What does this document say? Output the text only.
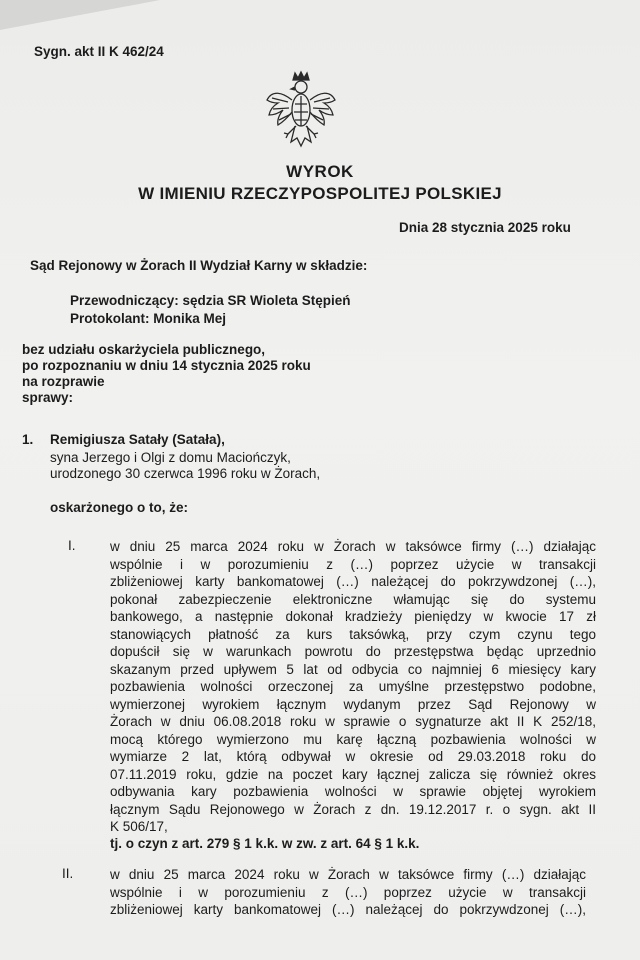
Sygn. akt II K 462/24
WYROK
W IMIENIU RZECZYPOSPOLITEJ POLSKIEJ
Dnia 28 stycznia 2025 roku
Sąd Rejonowy w Żorach II Wydział Karny w składzie:
Przewodniczący: sędzia SR Wioleta Stępień
Protokolant: Monika Mej
bez udziału oskarżyciela publicznego,
po rozpoznaniu w dniu 14 stycznia 2025 roku
na rozprawie
sprawy:
1. Remigiusza Satały (Satała),
syna Jerzego i Olgi z domu Maciończyk,
urodzonego 30 czerwca 1996 roku w Żorach,
oskarżonego o to, że:
I.	w dniu 25 marca 2024 roku w Żorach w taksówce firmy (…) działając
wspólnie i w porozumieniu z (…) poprzez użycie w transakcji
zbliżeniowej karty bankomatowej (…) należącej do pokrzywdzonej (…),
pokonał zabezpieczenie elektroniczne włamując się do systemu
bankowego, a następnie dokonał kradzieży pieniędzy w kwocie 17 zł
stanowiących płatność za kurs taksówką, przy czym czynu tego
dopuścił się w warunkach powrotu do przestępstwa będąc uprzednio
skazanym przed upływem 5 lat od odbycia co najmniej 6 miesięcy kary
pozbawienia wolności orzeczonej za umyślne przestępstwo podobne,
wymierzonej wyrokiem łącznym wydanym przez Sąd Rejonowy w
Żorach w dniu 06.08.2018 roku w sprawie o sygnaturze akt II K 252/18,
mocą którego wymierzono mu karę łączną pozbawienia wolności w
wymiarze 2 lat, którą odbywał w okresie od 29.03.2018 roku do
07.11.2019 roku, gdzie na poczet kary łącznej zalicza się również okres
odbywania kary pozbawienia wolności w sprawie objętej wyrokiem
łącznym Sądu Rejonowego w Żorach z dn. 19.12.2017 r. o sygn. akt II
K 506/17,
tj. o czyn z art. 279 § 1 k.k. w zw. z art. 64 § 1 k.k.
II.	w dniu 25 marca 2024 roku w Żorach w taksówce firmy (…) działając
wspólnie i w porozumieniu z (…) poprzez użycie w transakcji
zbliżeniowej karty bankomatowej (…) należącej do pokrzywdzonej (…),
